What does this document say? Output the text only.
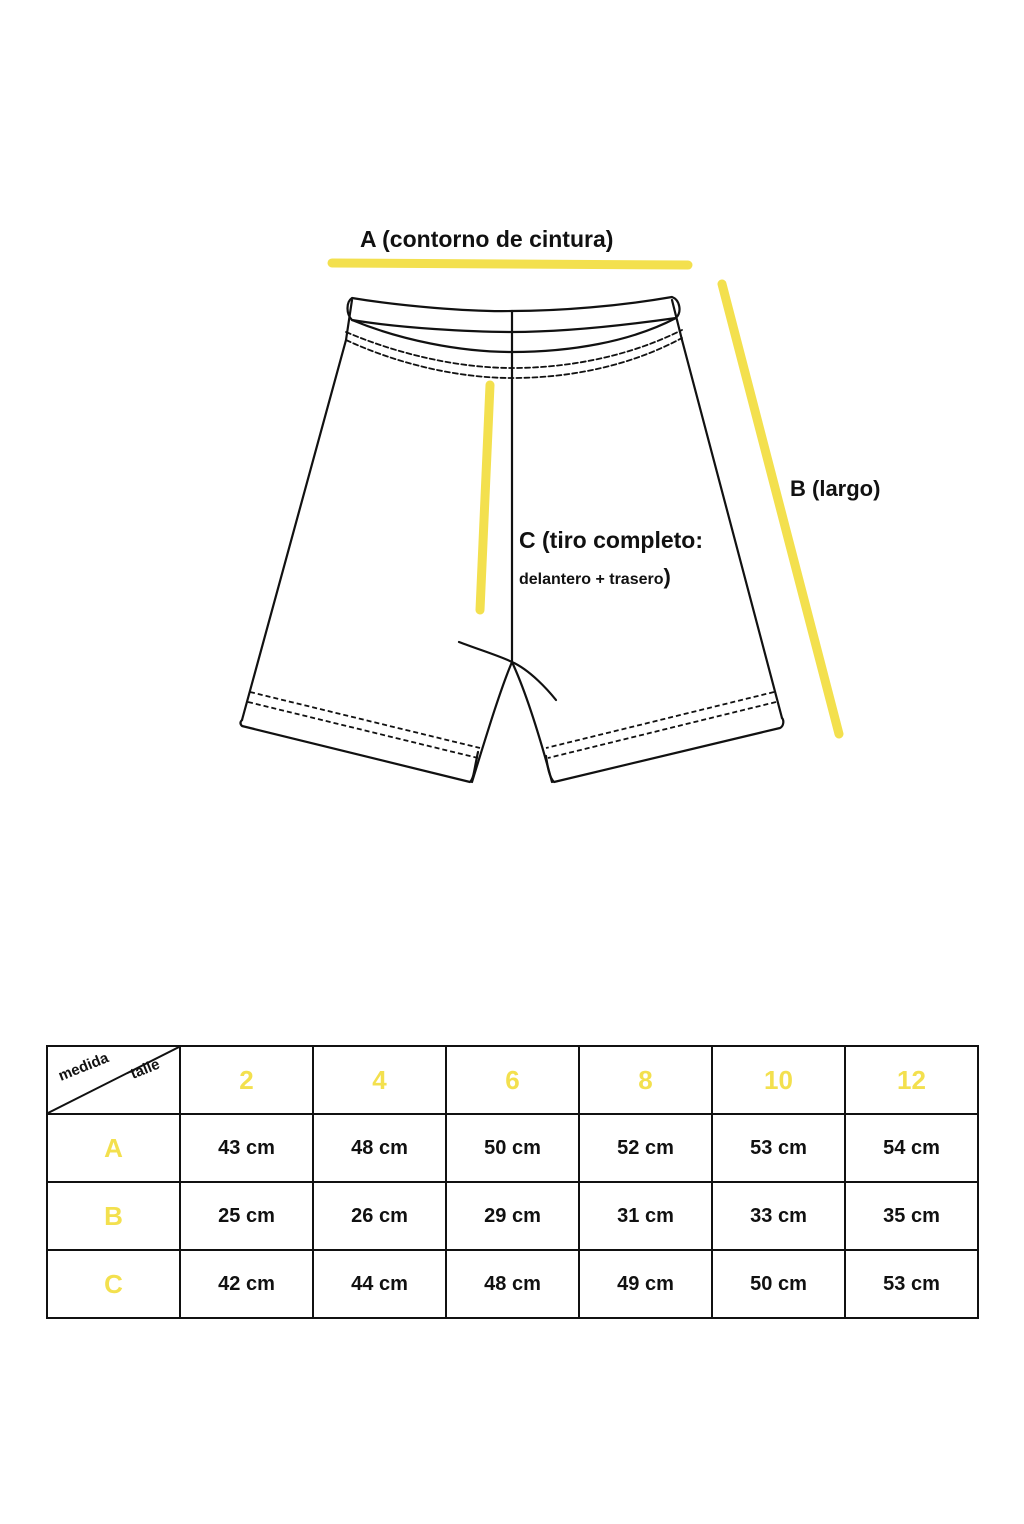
A (contorno de cintura)
B (largo)
C (tiro completo:
delantero + trasero)
medida talle	2	4	6	8	10	12
A	43 cm	48 cm	50 cm	52 cm	53 cm	54 cm
B	25 cm	26 cm	29 cm	31 cm	33 cm	35 cm
C	42 cm	44 cm	48 cm	49 cm	50 cm	53 cm
